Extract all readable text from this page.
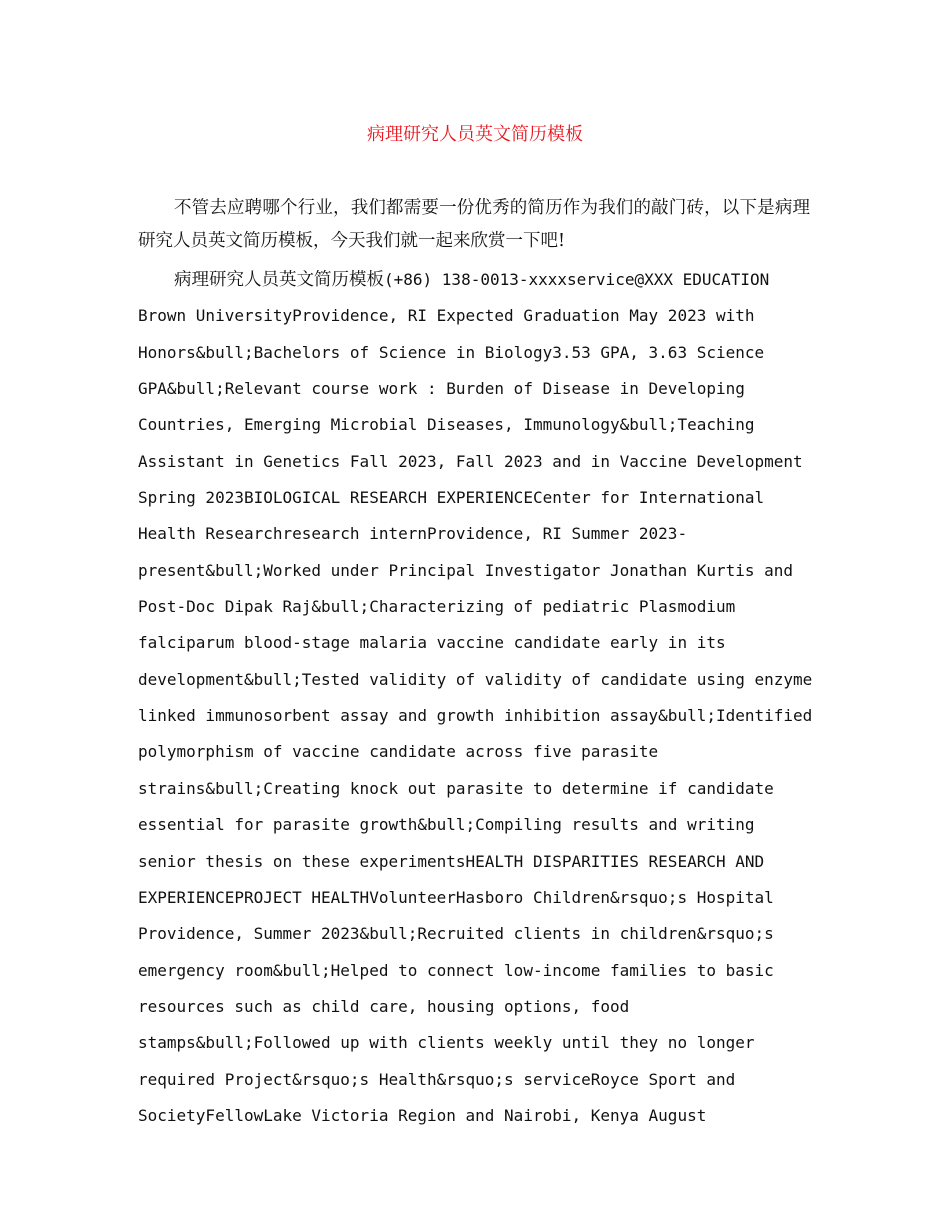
病理研究人员英文简历模板

不管去应聘哪个行业，我们都需要一份优秀的简历作为我们的敲门砖，以下是病理研究人员英文简历模板，今天我们就一起来欣赏一下吧!

病理研究人员英文简历模板(+86) 138-0013-xxxxservice@XXX EDUCATION Brown UniversityProvidence, RI Expected Graduation May 2023 with Honors&bull;Bachelors of Science in Biology3.53 GPA, 3.63 Science GPA&bull;Relevant course work : Burden of Disease in Developing Countries, Emerging Microbial Diseases, Immunology&bull;Teaching Assistant in Genetics Fall 2023, Fall 2023 and in Vaccine Development Spring 2023BIOLOGICAL RESEARCH EXPERIENCECenter for International Health Researchresearch internProvidence, RI Summer 2023-present&bull;Worked under Principal Investigator Jonathan Kurtis and Post-Doc Dipak Raj&bull;Characterizing of pediatric Plasmodium falciparum blood-stage malaria vaccine candidate early in its development&bull;Tested validity of validity of candidate using enzyme linked immunosorbent assay and growth inhibition assay&bull;Identified polymorphism of vaccine candidate across five parasite strains&bull;Creating knock out parasite to determine if candidate essential for parasite growth&bull;Compiling results and writing senior thesis on these experimentsHEALTH DISPARITIES RESEARCH AND EXPERIENCEPROJECT HEALTHVolunteerHasboro Children&rsquo;s Hospital Providence, Summer 2023&bull;Recruited clients in children&rsquo;s emergency room&bull;Helped to connect low-income families to basic resources such as child care, housing options, food stamps&bull;Followed up with clients weekly until they no longer required Project&rsquo;s Health&rsquo;s serviceRoyce Sport and SocietyFellowLake Victoria Region and Nairobi, Kenya August
